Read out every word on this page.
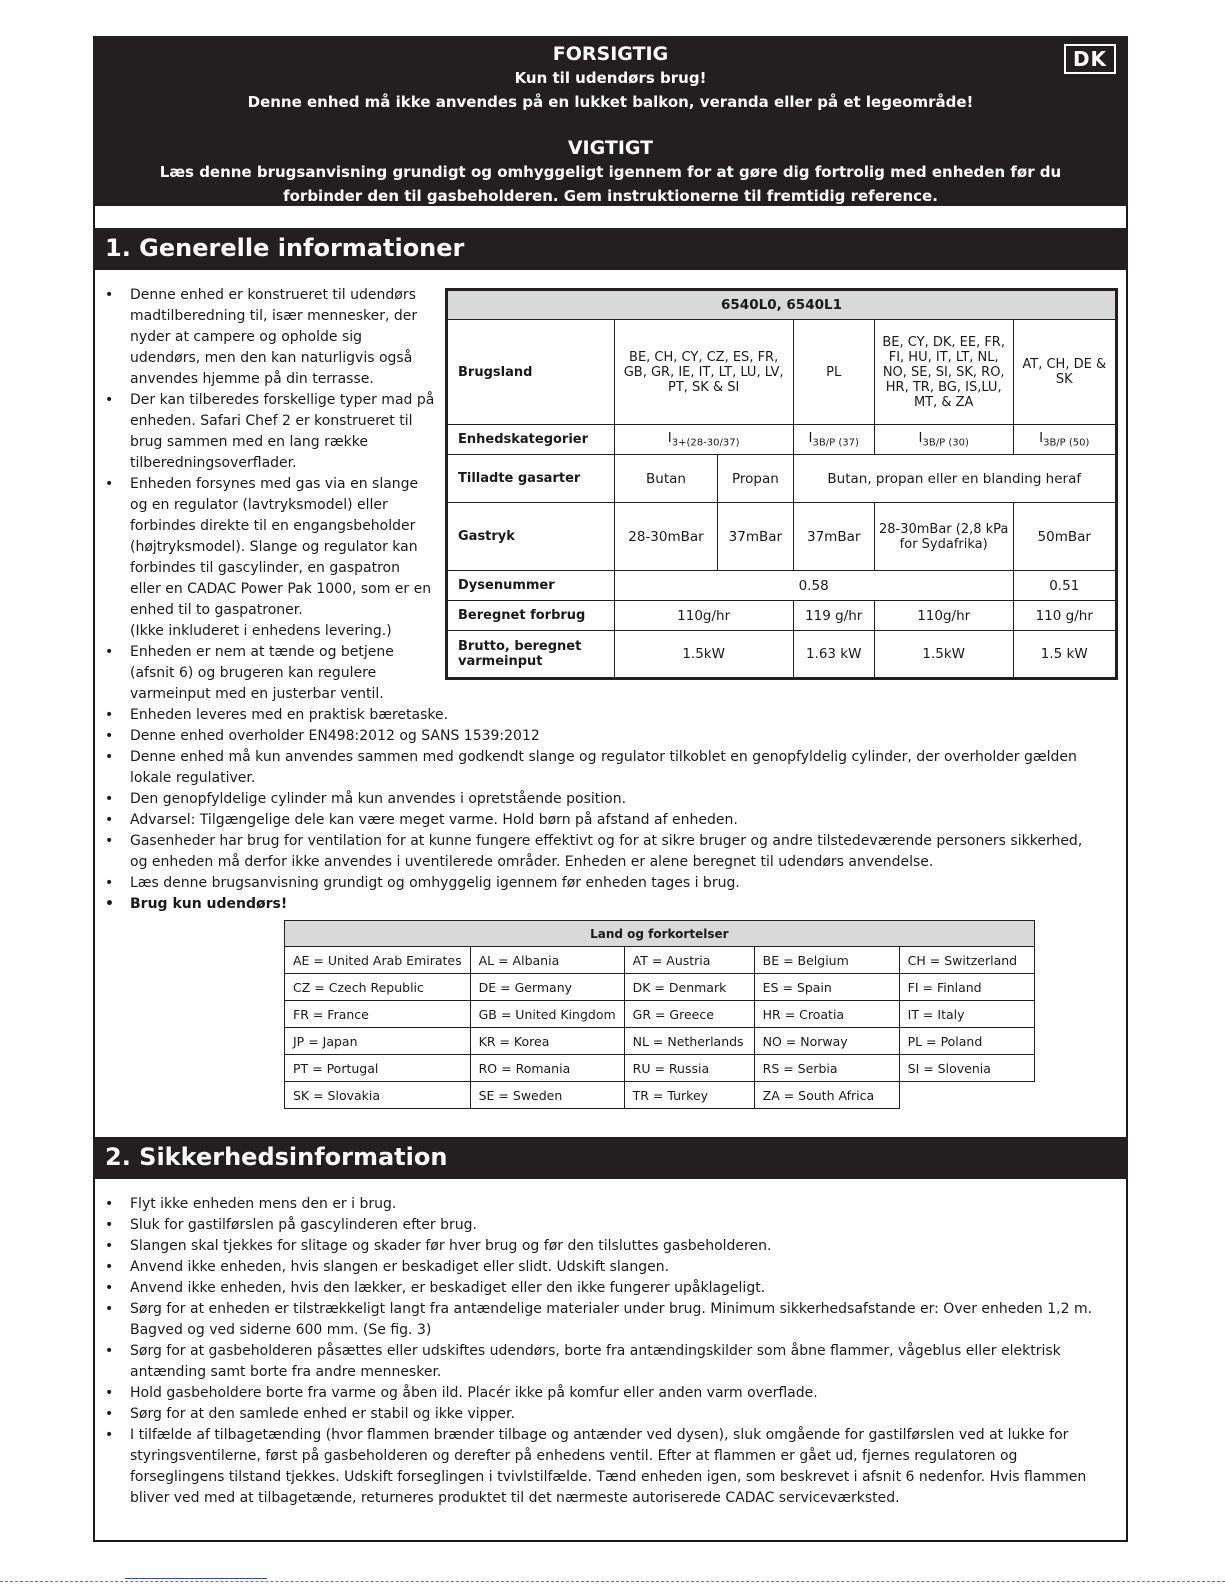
FORSIGTIG
Kun til udendørs brug!
Denne enhed må ikke anvendes på en lukket balkon, veranda eller på et legeområde!
VIGTIGT
Læs denne brugsanvisning grundigt og omhyggeligt igennem for at gøre dig fortrolig med enheden før du
forbinder den til gasbeholderen. Gem instruktionerne til fremtidig reference.
DK
1. Generelle informationer
• Denne enhed er konstrueret til udendørs madtilberedning til, især mennesker, der nyder at campere og opholde sig udendørs, men den kan naturligvis også anvendes hjemme på din terrasse.
• Der kan tilberedes forskellige typer mad på enheden. Safari Chef 2 er konstrueret til brug sammen med en lang række tilberedningsoverflader.
• Enheden forsynes med gas via en slange og en regulator (lavtryksmodel) eller forbindes direkte til en engangsbeholder (højtryksmodel). Slange og regulator kan forbindes til gascylinder, en gaspatron eller en CADAC Power Pak 1000, som er en enhed til to gaspatroner.
(Ikke inkluderet i enhedens levering.)
• Enheden er nem at tænde og betjene (afsnit 6) og brugeren kan regulere varmeinput med en justerbar ventil.
• Enheden leveres med en praktisk bæretaske.
• Denne enhed overholder EN498:2012 og SANS 1539:2012
• Denne enhed må kun anvendes sammen med godkendt slange og regulator tilkoblet en genopfyldelig cylinder, der overholder gælden lokale regulativer.
• Den genopfyldelige cylinder må kun anvendes i opretstående position.
• Advarsel: Tilgængelige dele kan være meget varme. Hold børn på afstand af enheden.
• Gasenheder har brug for ventilation for at kunne fungere effektivt og for at sikre bruger og andre tilstedeværende personers sikkerhed, og enheden må derfor ikke anvendes i uventilerede områder. Enheden er alene beregnet til udendørs anvendelse.
• Læs denne brugsanvisning grundigt og omhyggelig igennem før enheden tages i brug.
• Brug kun udendørs!
6540L0, 6540L1					
Brugsland	BE, CH, CY, CZ, ES, FR, GB, GR, IE, IT, LT, LU, LV, PT, SK & SI		PL	BE, CY, DK, EE, FR, FI, HU, IT, LT, NL, NO, SE, SI, SK, RO, HR, TR, BG, IS,LU, MT, & ZA	AT, CH, DE & SK
Enhedskategorier	$I_{3+(28-30/37)}$		$I_{3B/P (37)}$	$I_{3B/P (30)}$	$I_{3B/P (50)}$
Tilladte gasarter	Butan	Propan	Butan, propan eller en blanding heraf		
Gastryk	28-30mBar	37mBar	37mBar	28-30mBar (2,8 kPa for Sydafrika)	50mBar
Dysenummer	0.58				0.51
Beregnet forbrug	110g/hr		119 g/hr	110g/hr	110 g/hr
Brutto, beregnet varmeinput	1.5kW		1.63 kW	1.5kW	1.5 kW
Land og forkortelser				
AE = United Arab Emirates	AL = Albania	AT = Austria	BE = Belgium	CH = Switzerland
CZ = Czech Republic	DE = Germany	DK = Denmark	ES = Spain	FI = Finland
FR = France	GB = United Kingdom	GR = Greece	HR = Croatia	IT = Italy
JP = Japan	KR = Korea	NL = Netherlands	NO = Norway	PL = Poland
PT = Portugal	RO = Romania	RU = Russia	RS = Serbia	SI = Slovenia
SK = Slovakia	SE = Sweden	TR = Turkey	ZA = South Africa	
2. Sikkerhedsinformation
• Flyt ikke enheden mens den er i brug.
• Sluk for gastilførslen på gascylinderen efter brug.
• Slangen skal tjekkes for slitage og skader før hver brug og før den tilsluttes gasbeholderen.
• Anvend ikke enheden, hvis slangen er beskadiget eller slidt. Udskift slangen.
• Anvend ikke enheden, hvis den lækker, er beskadiget eller den ikke fungerer upåklageligt.
• Sørg for at enheden er tilstrækkeligt langt fra antændelige materialer under brug. Minimum sikkerhedsafstande er: Over enheden 1,2 m. Bagved og ved siderne 600 mm. (Se fig. 3)
• Sørg for at gasbeholderen påsættes eller udskiftes udendørs, borte fra antændingskilder som åbne flammer, vågeblus eller elektrisk antænding samt borte fra andre mennesker.
• Hold gasbeholdere borte fra varme og åben ild. Placér ikke på komfur eller anden varm overflade.
• Sørg for at den samlede enhed er stabil og ikke vipper.
• I tilfælde af tilbagetænding (hvor flammen brænder tilbage og antænder ved dysen), sluk omgående for gastilførslen ved at lukke for styringsventilerne, først på gasbeholderen og derefter på enhedens ventil. Efter at flammen er gået ud, fjernes regulatoren og forseglingens tilstand tjekkes. Udskift forseglingen i tvivlstilfælde. Tænd enheden igen, som beskrevet i afsnit 6 nedenfor. Hvis flammen bliver ved med at tilbagetænde, returneres produktet til det nærmeste autoriserede CADAC serviceværksted.
